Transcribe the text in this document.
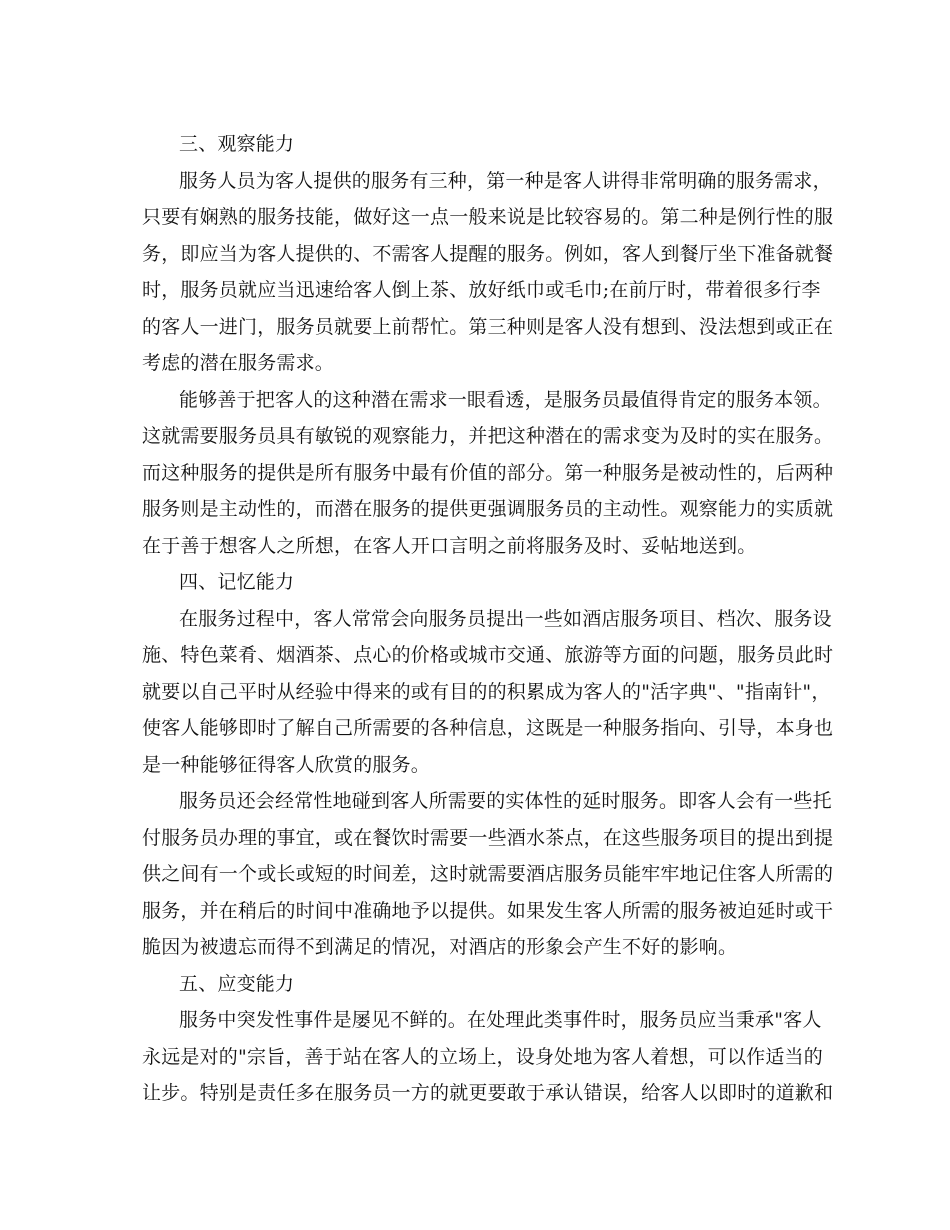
三、观察能力
服务人员为客人提供的服务有三种，第一种是客人讲得非常明确的服务需求，
只要有娴熟的服务技能，做好这一点一般来说是比较容易的。第二种是例行性的服
务，即应当为客人提供的、不需客人提醒的服务。例如，客人到餐厅坐下准备就餐
时，服务员就应当迅速给客人倒上茶、放好纸巾或毛巾;在前厅时，带着很多行李
的客人一进门，服务员就要上前帮忙。第三种则是客人没有想到、没法想到或正在
考虑的潜在服务需求。
能够善于把客人的这种潜在需求一眼看透，是服务员最值得肯定的服务本领。
这就需要服务员具有敏锐的观察能力，并把这种潜在的需求变为及时的实在服务。
而这种服务的提供是所有服务中最有价值的部分。第一种服务是被动性的，后两种
服务则是主动性的，而潜在服务的提供更强调服务员的主动性。观察能力的实质就
在于善于想客人之所想，在客人开口言明之前将服务及时、妥帖地送到。
四、记忆能力
在服务过程中，客人常常会向服务员提出一些如酒店服务项目、档次、服务设
施、特色菜肴、烟酒茶、点心的价格或城市交通、旅游等方面的问题，服务员此时
就要以自己平时从经验中得来的或有目的的积累成为客人的"活字典"、"指南针"，
使客人能够即时了解自己所需要的各种信息，这既是一种服务指向、引导，本身也
是一种能够征得客人欣赏的服务。
服务员还会经常性地碰到客人所需要的实体性的延时服务。即客人会有一些托
付服务员办理的事宜，或在餐饮时需要一些酒水茶点，在这些服务项目的提出到提
供之间有一个或长或短的时间差，这时就需要酒店服务员能牢牢地记住客人所需的
服务，并在稍后的时间中准确地予以提供。如果发生客人所需的服务被迫延时或干
脆因为被遗忘而得不到满足的情况，对酒店的形象会产生不好的影响。
五、应变能力
服务中突发性事件是屡见不鲜的。在处理此类事件时，服务员应当秉承"客人
永远是对的"宗旨，善于站在客人的立场上，设身处地为客人着想，可以作适当的
让步。特别是责任多在服务员一方的就更要敢于承认错误，给客人以即时的道歉和
